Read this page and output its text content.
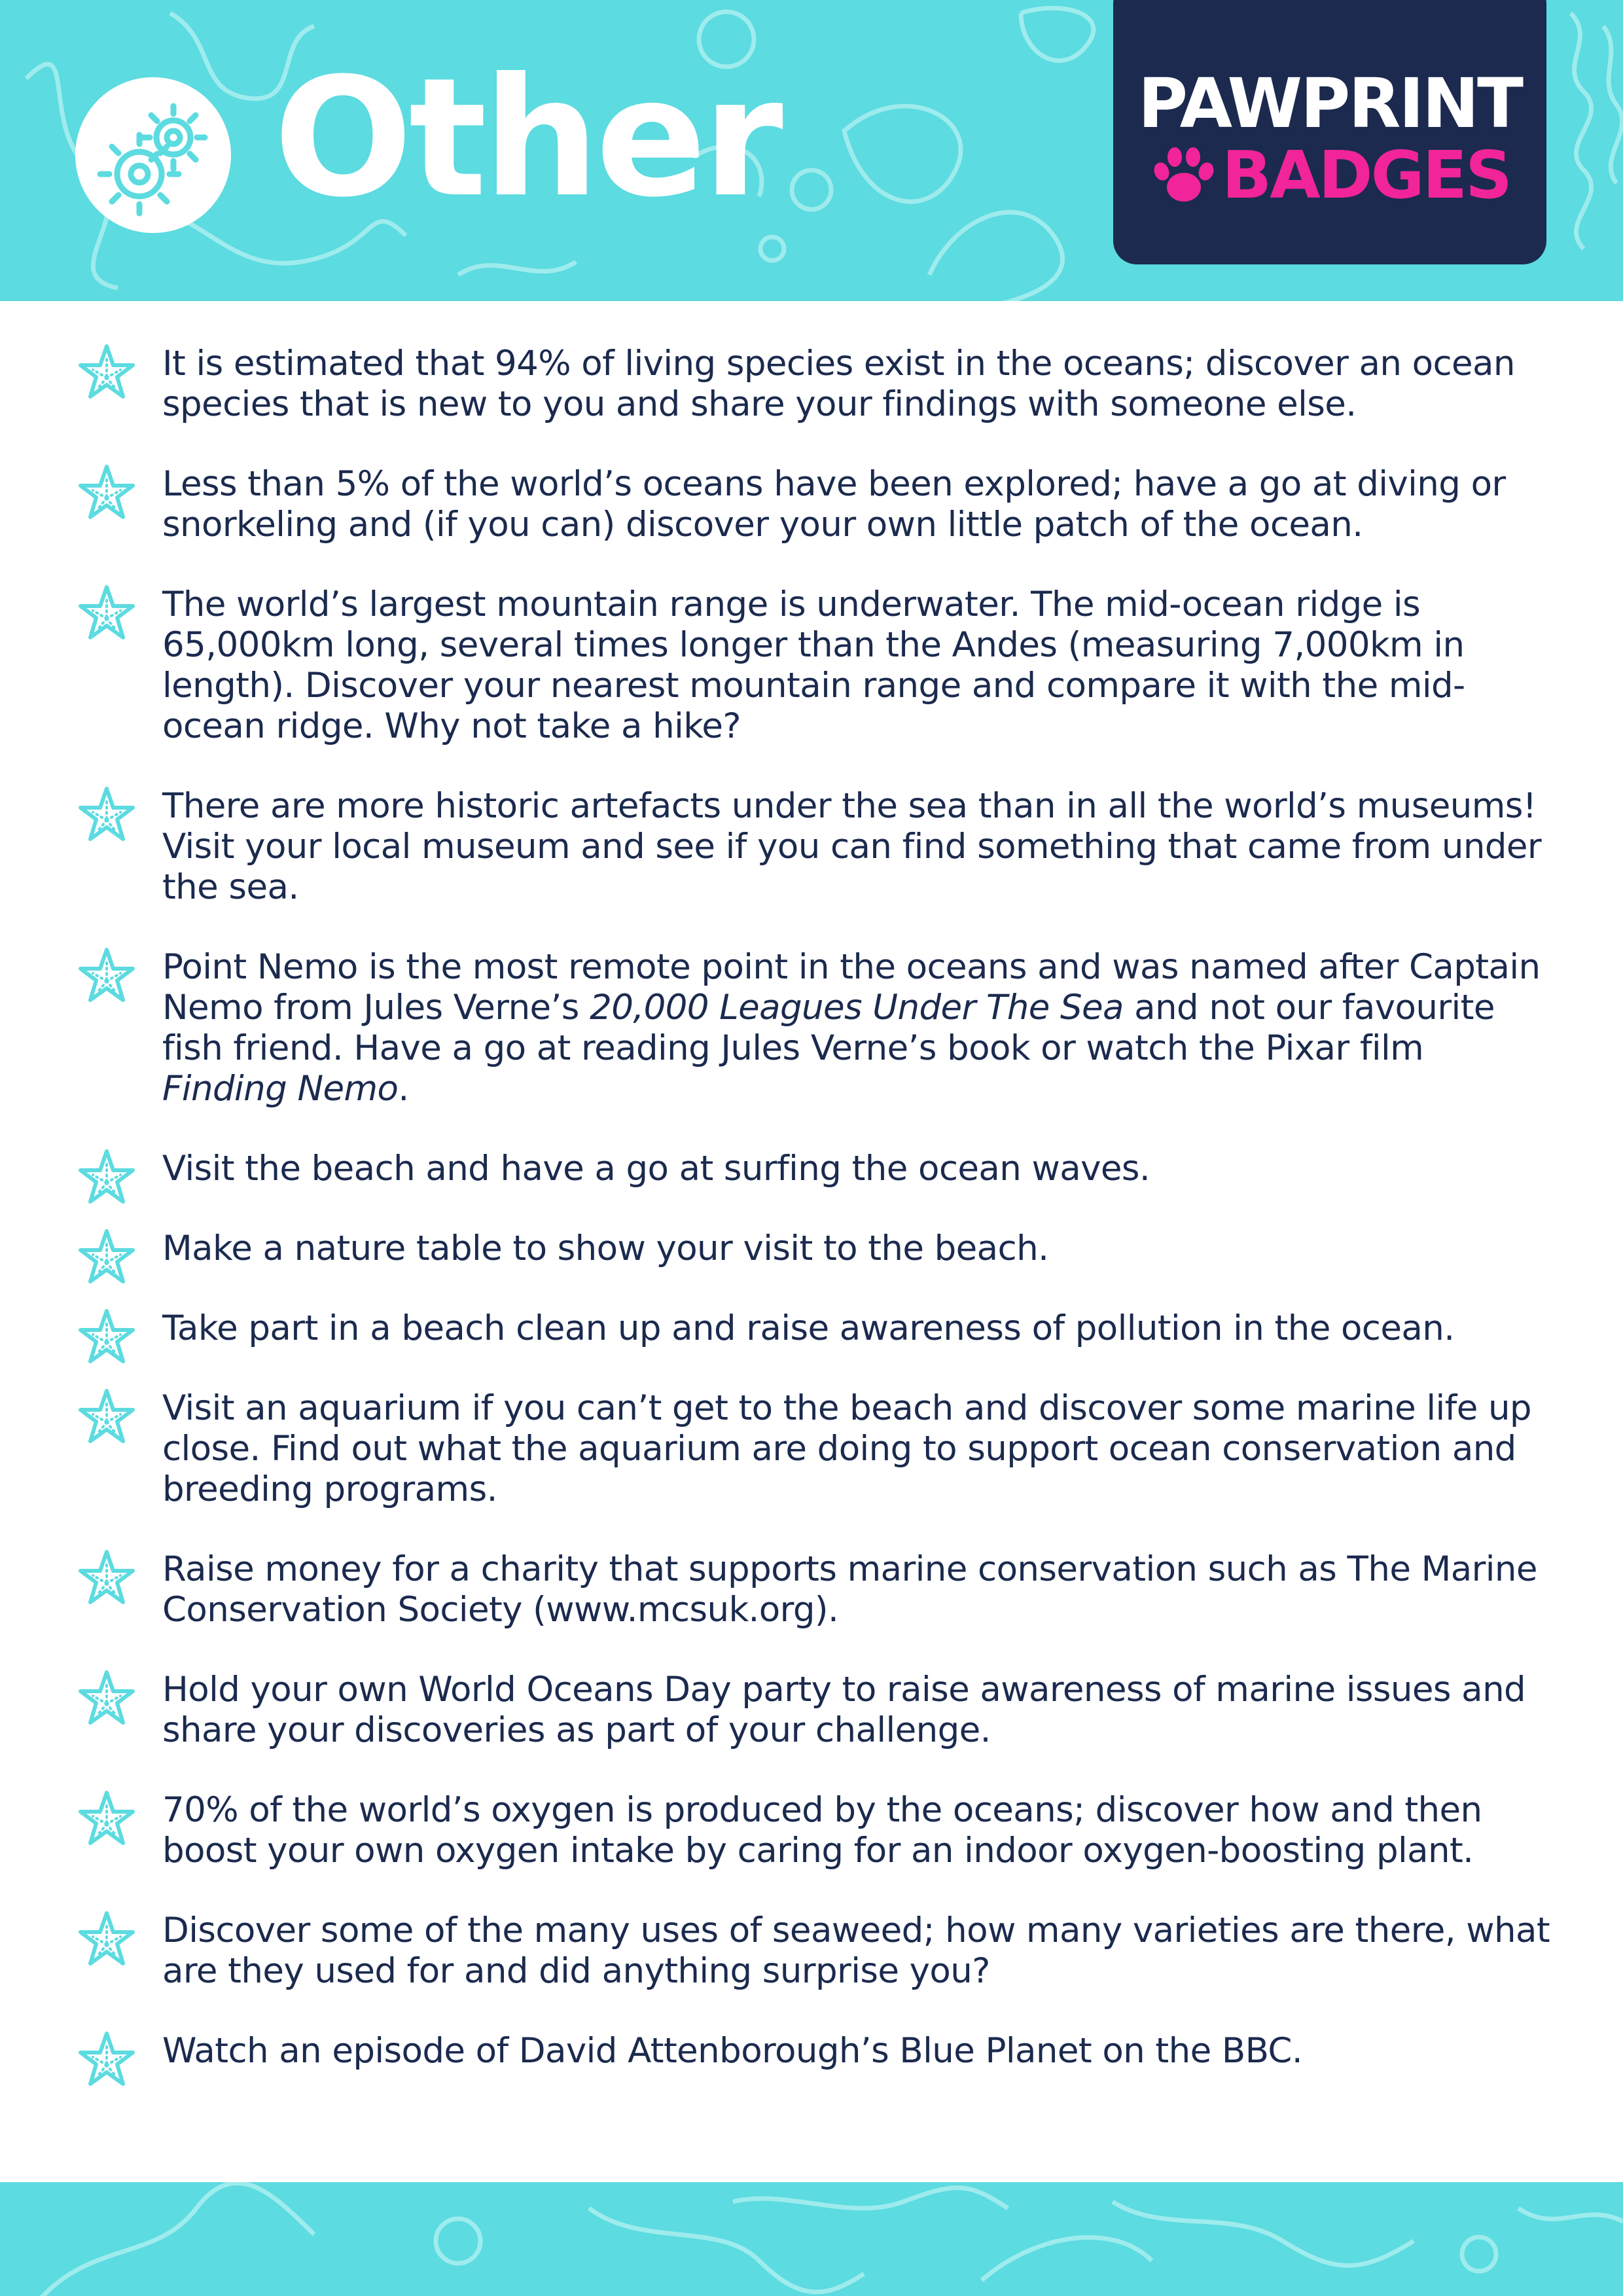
Other	PAWPRINT
BADGES
It is estimated that 94% of living species exist in the oceans; discover an ocean species that is new to you and share your findings with someone else.
Less than 5% of the world’s oceans have been explored; have a go at diving or snorkeling and (if you can) discover your own little patch of the ocean.
The world’s largest mountain range is underwater. The mid-ocean ridge is 65,000km long, several times longer than the Andes (measuring 7,000km in length). Discover your nearest mountain range and compare it with the mid-ocean ridge. Why not take a hike?
There are more historic artefacts under the sea than in all the world’s museums! Visit your local museum and see if you can find something that came from under the sea.
Point Nemo is the most remote point in the oceans and was named after Captain Nemo from Jules Verne’s 20,000 Leagues Under The Sea and not our favourite fish friend. Have a go at reading Jules Verne’s book or watch the Pixar film Finding Nemo.
Visit the beach and have a go at surfing the ocean waves.
Make a nature table to show your visit to the beach.
Take part in a beach clean up and raise awareness of pollution in the ocean.
Visit an aquarium if you can’t get to the beach and discover some marine life up close. Find out what the aquarium are doing to support ocean conservation and breeding programs.
Raise money for a charity that supports marine conservation such as The Marine Conservation Society (www.mcsuk.org).
Hold your own World Oceans Day party to raise awareness of marine issues and share your discoveries as part of your challenge.
70% of the world’s oxygen is produced by the oceans; discover how and then boost your own oxygen intake by caring for an indoor oxygen-boosting plant.
Discover some of the many uses of seaweed; how many varieties are there, what are they used for and did anything surprise you?
Watch an episode of David Attenborough’s Blue Planet on the BBC.
